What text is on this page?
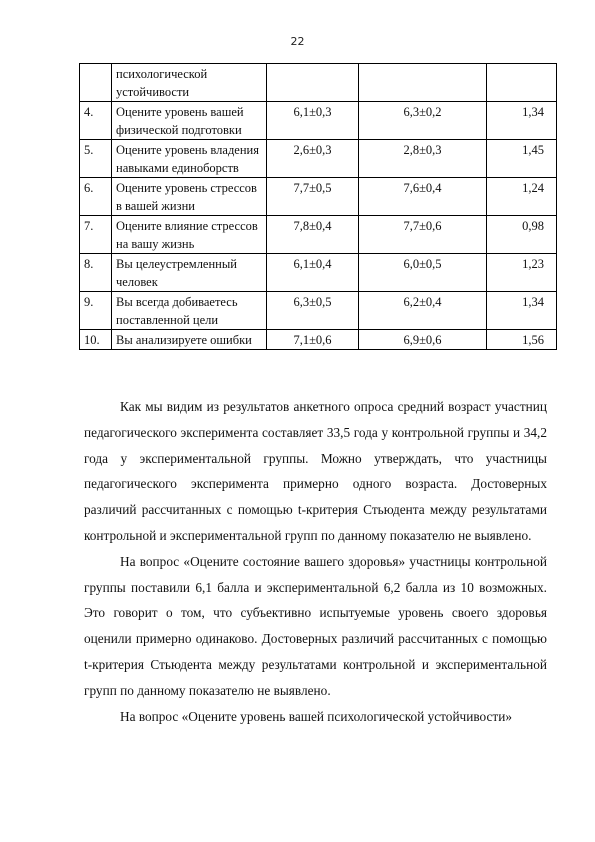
22
	психологической устойчивости			
4.	Оцените уровень вашей физической подготовки	6,1±0,3	6,3±0,2	1,34
5.	Оцените уровень владения навыками единоборств	2,6±0,3	2,8±0,3	1,45
6.	Оцените уровень стрессов в вашей жизни	7,7±0,5	7,6±0,4	1,24
7.	Оцените влияние стрессов на вашу жизнь	7,8±0,4	7,7±0,6	0,98
8.	Вы целеустремленный человек	6,1±0,4	6,0±0,5	1,23
9.	Вы всегда добиваетесь поставленной цели	6,3±0,5	6,2±0,4	1,34
10.	Вы анализируете ошибки	7,1±0,6	6,9±0,6	1,56

Как мы видим из результатов анкетного опроса средний возраст участниц педагогического эксперимента составляет 33,5 года у контрольной группы и 34,2 года у экспериментальной группы. Можно утверждать, что участницы педагогического эксперимента примерно одного возраста. Достоверных различий рассчитанных с помощью t-критерия Стьюдента между результатами контрольной и экспериментальной групп по данному показателю не выявлено.

На вопрос «Оцените состояние вашего здоровья» участницы контрольной группы поставили 6,1 балла и экспериментальной 6,2 балла из 10 возможных. Это говорит о том, что субъективно испытуемые уровень своего здоровья оценили примерно одинаково. Достоверных различий рассчитанных с помощью t-критерия Стьюдента между результатами контрольной и экспериментальной групп по данному показателю не выявлено.

На вопрос «Оцените уровень вашей психологической устойчивости»
